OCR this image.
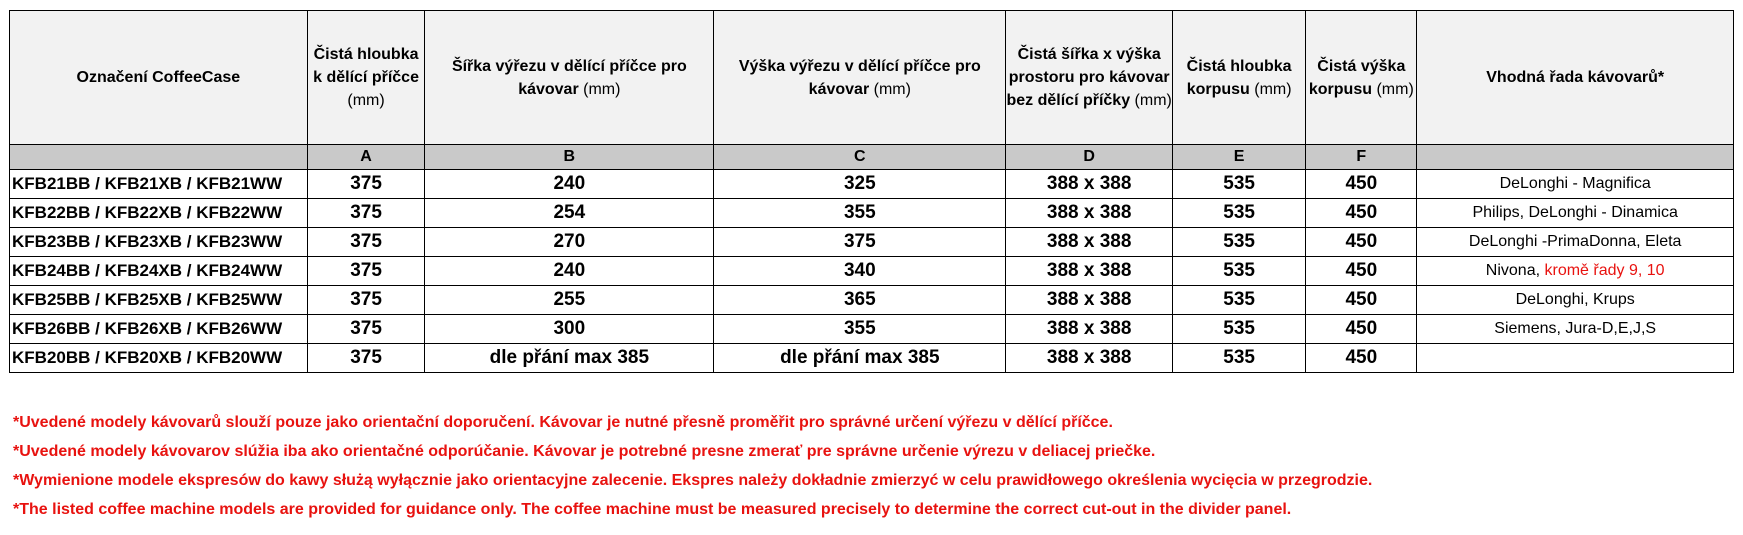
Označení CoffeeCase	Čistá hloubka k dělící příčce (mm)	Šířka výřezu v dělící příčce pro kávovar (mm)	Výška výřezu v dělící příčce pro kávovar (mm)	Čistá šířka x výška prostoru pro kávovar bez dělící příčky (mm)	Čistá hloubka korpusu (mm)	Čistá výška korpusu (mm)	Vhodná řada kávovarů*
	A	B	C	D	E	F	
KFB21BB / KFB21XB / KFB21WW	375	240	325	388 x 388	535	450	DeLonghi - Magnifica
KFB22BB / KFB22XB / KFB22WW	375	254	355	388 x 388	535	450	Philips, DeLonghi - Dinamica
KFB23BB / KFB23XB / KFB23WW	375	270	375	388 x 388	535	450	DeLonghi -PrimaDonna, Eleta
KFB24BB / KFB24XB / KFB24WW	375	240	340	388 x 388	535	450	Nivona, kromě řady 9, 10
KFB25BB / KFB25XB / KFB25WW	375	255	365	388 x 388	535	450	DeLonghi, Krups
KFB26BB / KFB26XB / KFB26WW	375	300	355	388 x 388	535	450	Siemens, Jura-D,E,J,S
KFB20BB / KFB20XB / KFB20WW	375	dle přání max 385	dle přání max 385	388 x 388	535	450	
*Uvedené modely kávovarů slouží pouze jako orientační doporučení. Kávovar je nutné přesně proměřit pro správné určení výřezu v dělící příčce.
*Uvedené modely kávovarov slúžia iba ako orientačné odporúčanie. Kávovar je potrebné presne zmerať pre správne určenie výrezu v deliacej priečke.
*Wymienione modele ekspresów do kawy służą wyłącznie jako orientacyjne zalecenie. Ekspres należy dokładnie zmierzyć w celu prawidłowego określenia wycięcia w przegrodzie.
*The listed coffee machine models are provided for guidance only. The coffee machine must be measured precisely to determine the correct cut-out in the divider panel.
